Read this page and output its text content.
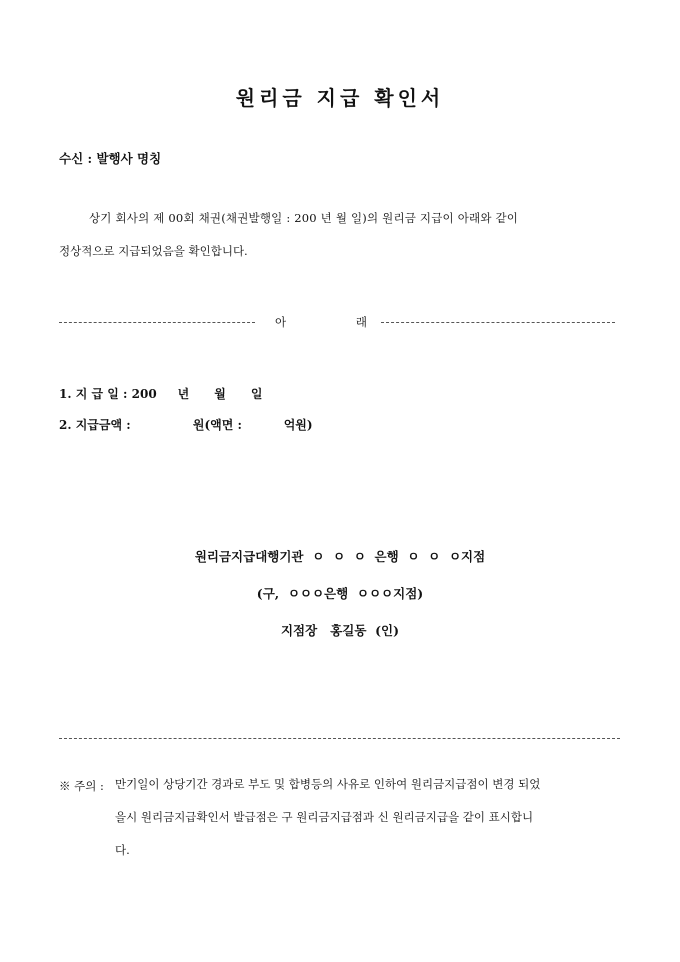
원리금 지급 확인서
수신 : 발행사 명칭
상기 회사의 제 00회 채권(채권발행일 : 200 년 월 일)의 원리금 지급이 아래와 같이
정상적으로 지급되었음을 확인합니다.
아	래
1. 지 급 일 : 200     년      월      일
2. 지급금액 :	원(액면 :          억원)
원리금지급대행기관  ㅇ  ㅇ  ㅇ  은행  ㅇ  ㅇ  ㅇ지점
(구,  ㅇㅇㅇ은행  ㅇㅇㅇ지점)
지점장   홍길동  (인)
※ 주의 : 만기일이 상당기간 경과로 부도 및 합병등의 사유로 인하여 원리금지급점이 변경 되었
을시 원리금지급확인서 발급점은 구 원리금지급점과 신 원리금지급을 같이 표시합니
다.
